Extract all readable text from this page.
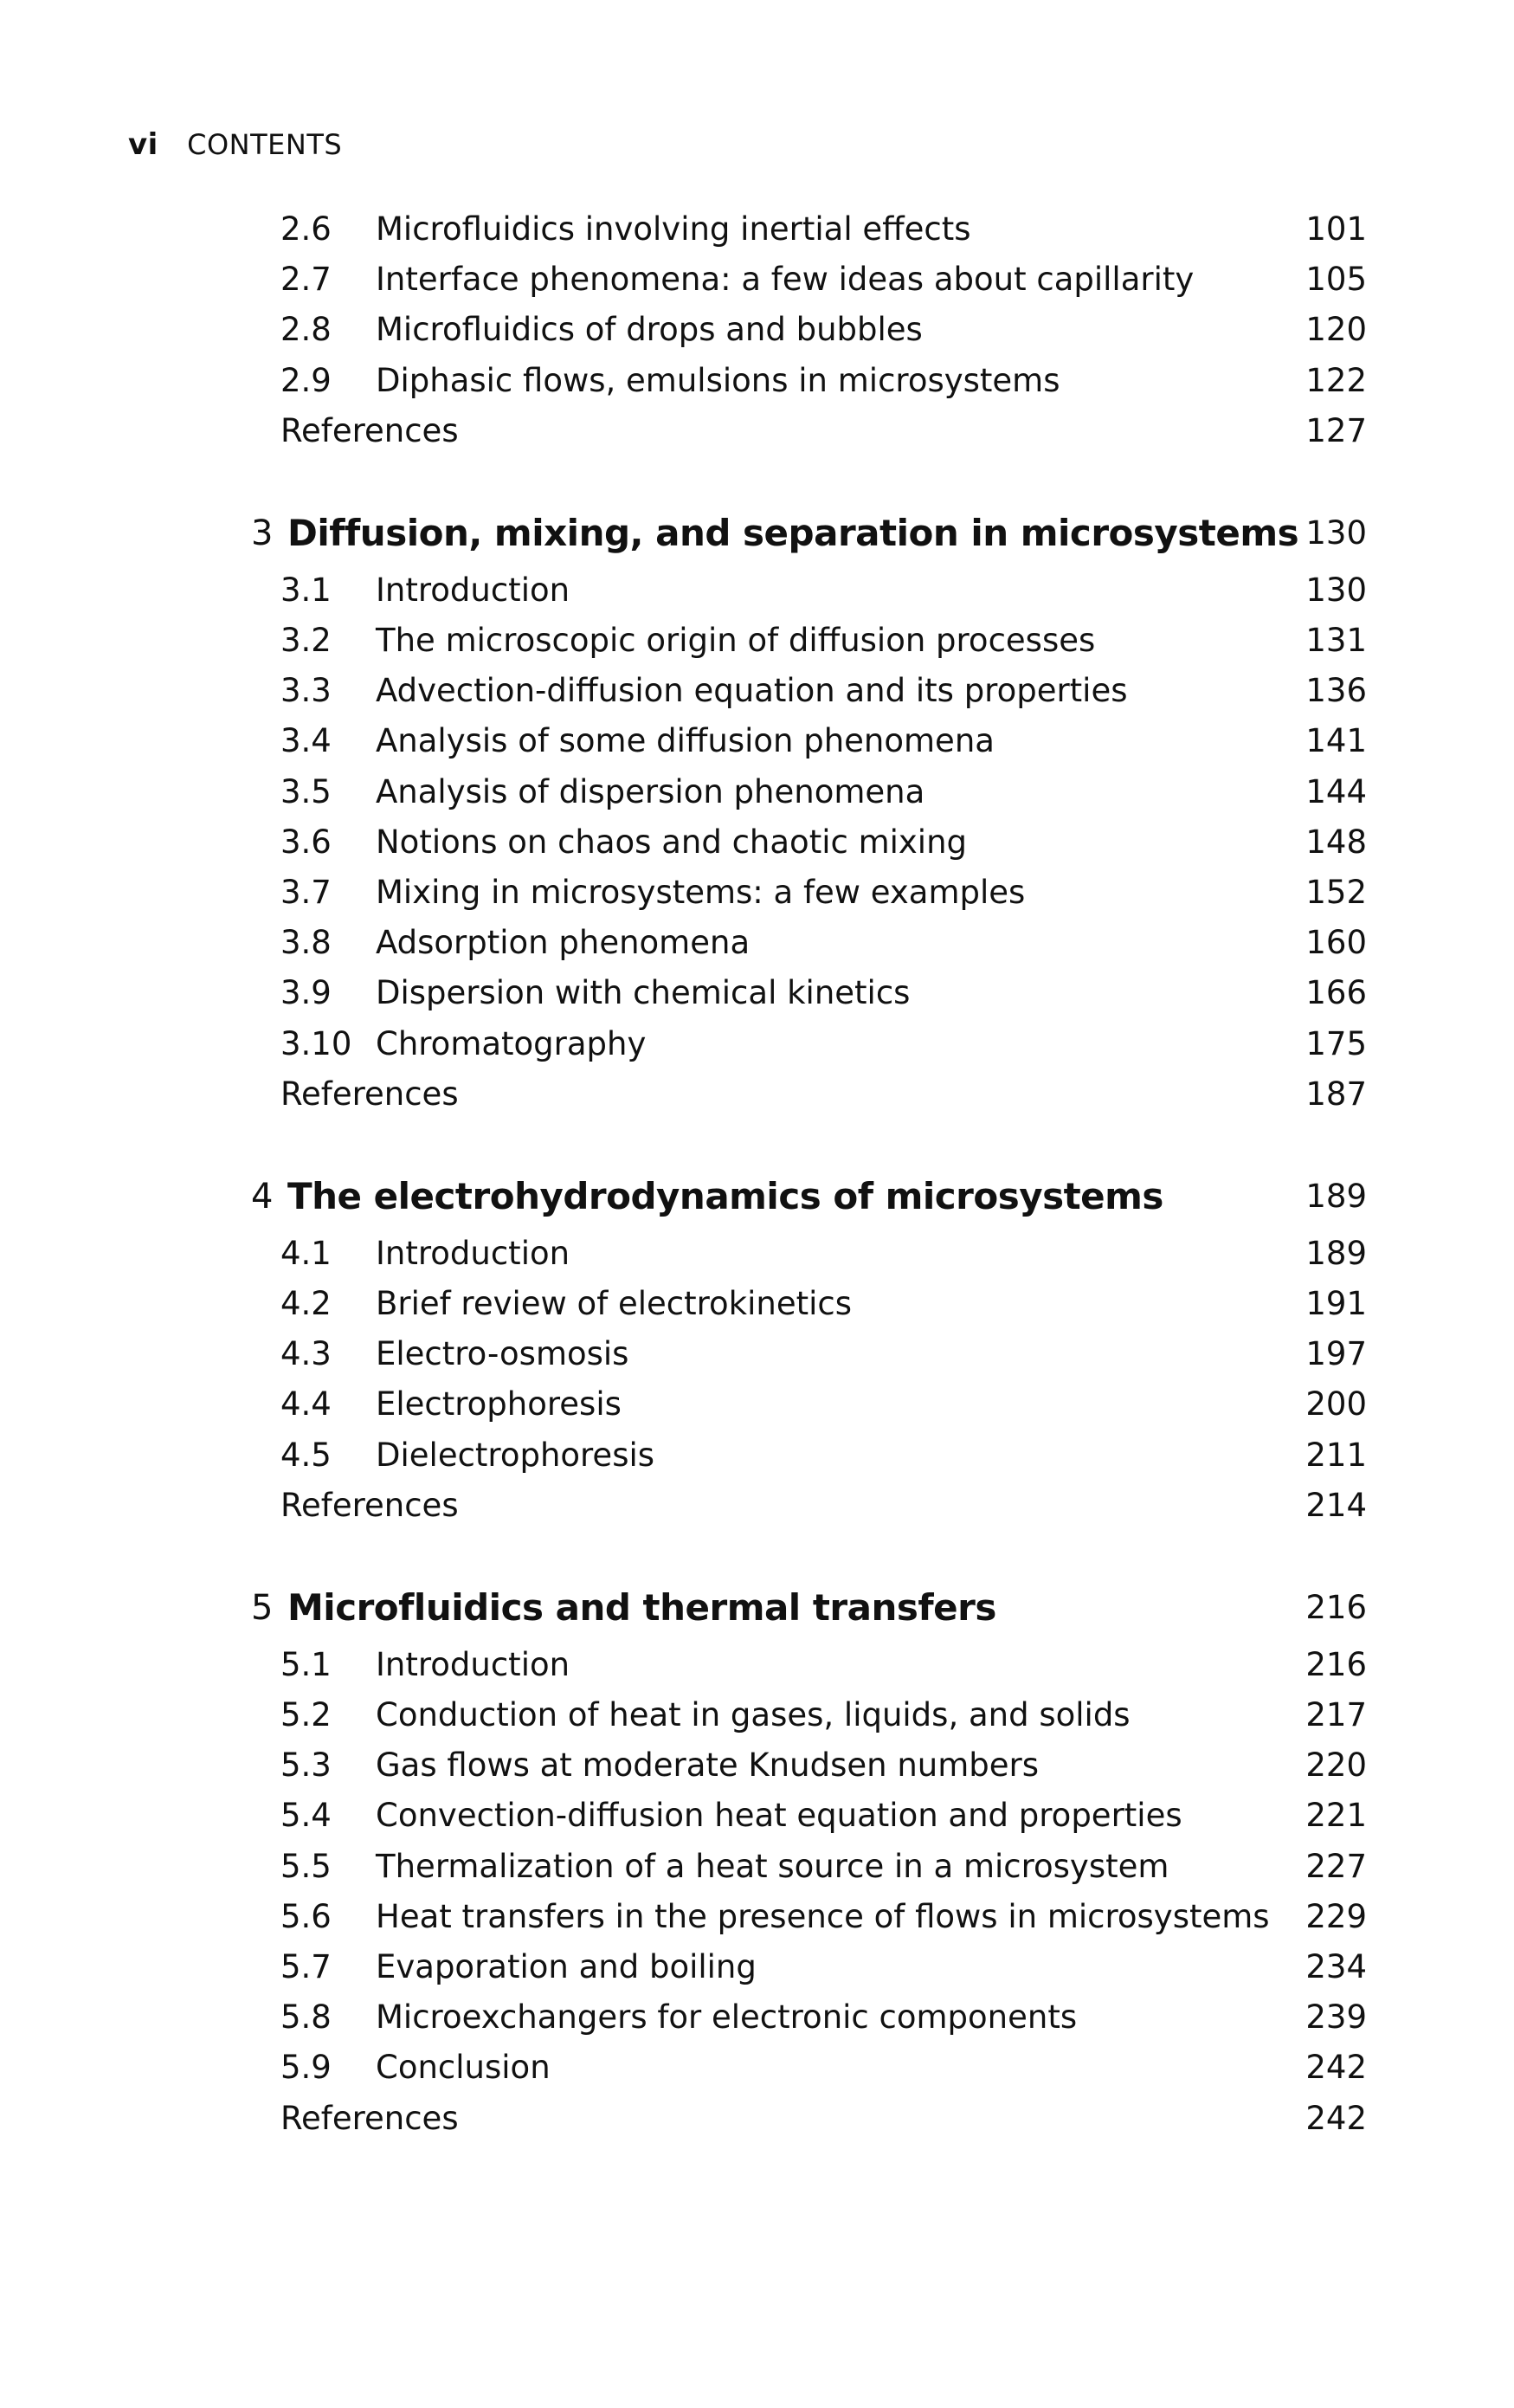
vi CONTENTS
2.6 Microfluidics involving inertial effects	101
2.7 Interface phenomena: a few ideas about capillarity	105
2.8 Microfluidics of drops and bubbles	120
2.9 Diphasic flows, emulsions in microsystems	122
References	127
3 Diffusion, mixing, and separation in microsystems 130
3.1 Introduction	130
3.2 The microscopic origin of diffusion processes	131
3.3 Advection-diffusion equation and its properties	136
3.4 Analysis of some diffusion phenomena	141
3.5 Analysis of dispersion phenomena	144
3.6 Notions on chaos and chaotic mixing	148
3.7 Mixing in microsystems: a few examples	152
3.8 Adsorption phenomena	160
3.9 Dispersion with chemical kinetics	166
3.10 Chromatography	175
References	187
4 The electrohydrodynamics of microsystems	189
4.1 Introduction	189
4.2 Brief review of electrokinetics	191
4.3 Electro-osmosis	197
4.4 Electrophoresis	200
4.5 Dielectrophoresis	211
References	214
5 Microfluidics and thermal transfers	216
5.1 Introduction	216
5.2 Conduction of heat in gases, liquids, and solids	217
5.3 Gas flows at moderate Knudsen numbers	220
5.4 Convection-diffusion heat equation and properties	221
5.5 Thermalization of a heat source in a microsystem	227
5.6 Heat transfers in the presence of flows in microsystems 229
5.7 Evaporation and boiling	234
5.8 Microexchangers for electronic components	239
5.9 Conclusion	242
References	242
